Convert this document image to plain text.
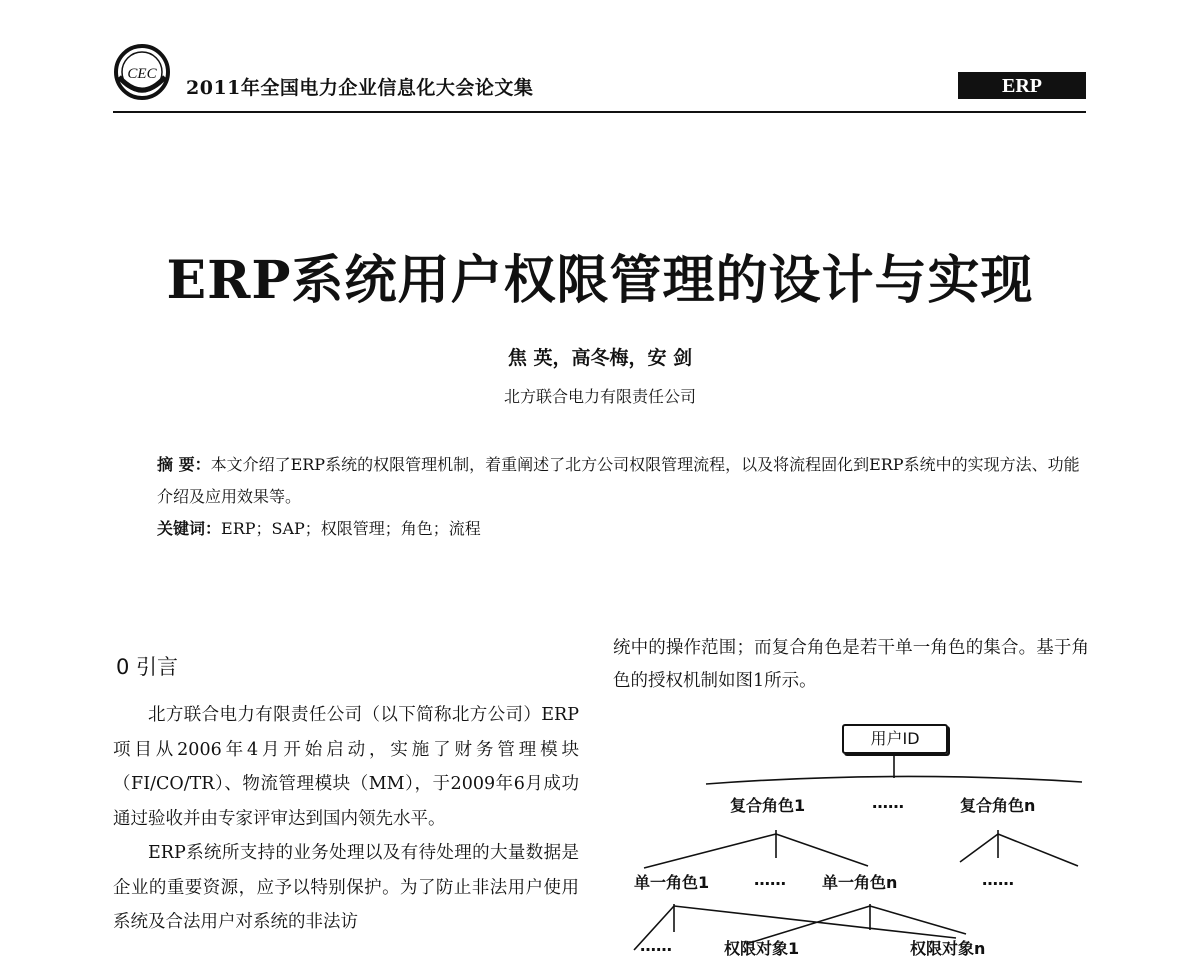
CEC
2011年全国电力企业信息化大会论文集	ERP
ERP系统用户权限管理的设计与实现
焦 英，高冬梅，安 剑
北方联合电力有限责任公司

摘 要：本文介绍了ERP系统的权限管理机制，着重阐述了北方公司权限管理流程，以及将流程固化到ERP系统中的实现方法、功能介绍及应用效果等。

关键词：ERP；SAP；权限管理；角色；流程

0 引言

北方联合电力有限责任公司（以下简称北方公司）ERP项目从2006年4月开始启动，实施了财务管理模块（FI/CO/TR）、物流管理模块（MM），于2009年6月成功通过验收并由专家评审达到国内领先水平。

ERP系统所支持的业务处理以及有待处理的大量数据是企业的重要资源，应予以特别保护。为了防止非法用户使用系统及合法用户对系统的非法访

统中的操作范围；而复合角色是若干单一角色的集合。基于角色的授权机制如图1所示。

用户ID
复合角色1	……	复合角色n
单一角色1	…… 单一角色n	……
……	权限对象1	权限对象n
